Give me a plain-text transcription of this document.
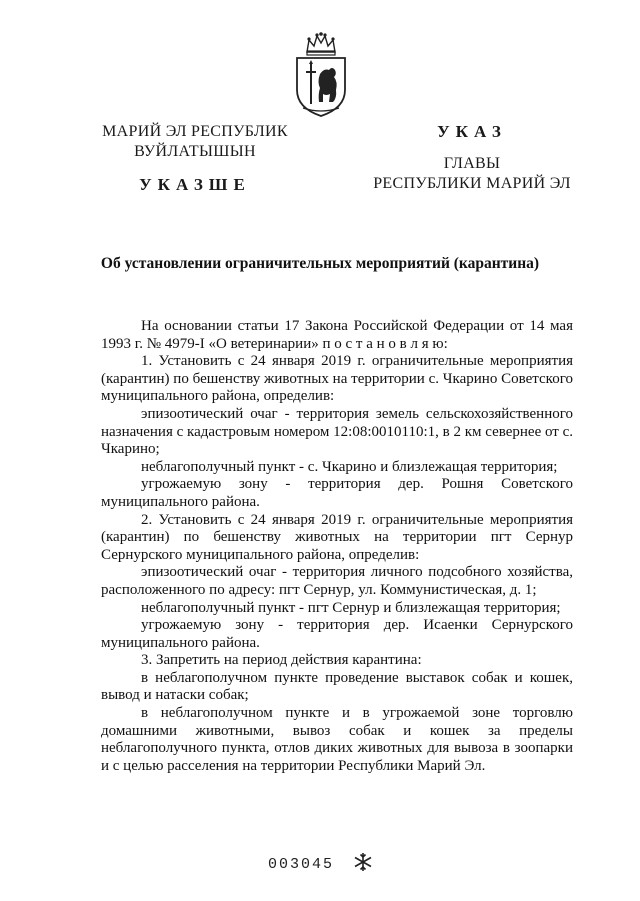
МАРИЙ ЭЛ РЕСПУБЛИК
ВУЙЛАТЫШЫН
УКАЗШЕ
УКАЗ
ГЛАВЫ
РЕСПУБЛИКИ МАРИЙ ЭЛ
Об установлении ограничительных мероприятий (карантина)

На основании статьи 17 Закона Российской Федерации от 14 мая 1993 г. № 4979-I «О ветеринарии» п о с т а н о в л я ю:

1. Установить с 24 января 2019 г. ограничительные мероприятия (карантин) по бешенству животных на территории с. Чкарино Советского муниципального района, определив:

эпизоотический очаг - территория земель сельскохозяйственного назначения с кадастровым номером 12:08:0010110:1, в 2 км севернее от с. Чкарино;

неблагополучный пункт - с. Чкарино и близлежащая территория;

угрожаемую зону - территория дер. Рошня Советского муниципального района.

2. Установить с 24 января 2019 г. ограничительные мероприятия (карантин) по бешенству животных на территории пгт Сернур Сернурского муниципального района, определив:

эпизоотический очаг - территория личного подсобного хозяйства, расположенного по адресу: пгт Сернур, ул. Коммунистическая, д. 1;

неблагополучный пункт - пгт Сернур и близлежащая территория;

угрожаемую зону - территория дер. Исаенки Сернурского муниципального района.

3. Запретить на период действия карантина:

в неблагополучном пункте проведение выставок собак и кошек, вывод и натаски собак;

в неблагополучном пункте и в угрожаемой зоне торговлю домашними животными, вывоз собак и кошек за пределы неблагополучного пункта, отлов диких животных для вывоза в зоопарки и с целью расселения на территории Республики Марий Эл.

003045
